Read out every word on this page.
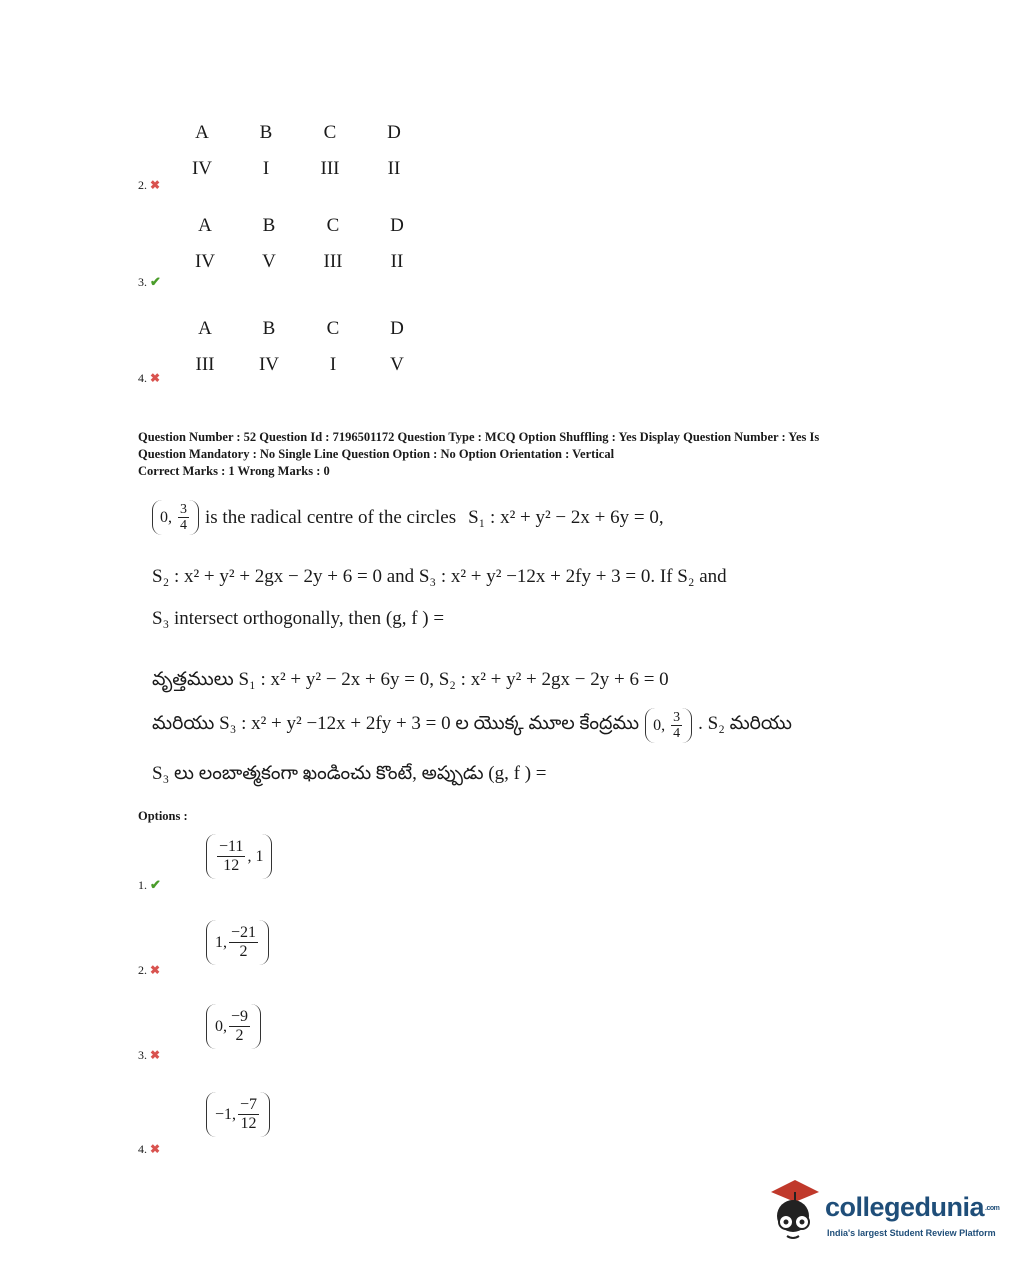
A	B	C	D
IV	I	III	II
2. ✖
A	B	C	D
IV	V	III	II
3. ✔
A	B	C	D
III	IV	I	V
4. ✖
Question Number : 52 Question Id : 7196501172 Question Type : MCQ Option Shuffling : Yes Display Question Number : Yes Is
Question Mandatory : No Single Line Question Option : No Option Orientation : Vertical
Correct Marks : 1 Wrong Marks : 0
0,
$\frac{3}{4}$ is the radical centre of the circles S₁ : x² + y² − 2x + 6y = 0,
S₂ : x² + y² + 2gx − 2y + 6 = 0 and S₃ : x² + y² −12x + 2fy + 3 = 0. If S₂ and
S₃ intersect orthogonally, then (g, f ) =
వృత్తములు S₁ : x² + y² − 2x + 6y = 0, S₂ : x² + y² + 2gx − 2y + 6 = 0
మరియు S₃ : x² + y² −12x + 2fy + 3 = 0 ల యొక్క మూల కేంద్రము 0,
$\frac{3}{4}$ . S₂ మరియు
S₃ లు లంబాత్మకంగా ఖండించు కొంటే, అప్పుడు (g, f ) =
Options :
$\frac{-11}{12}$ , 1
1. ✔
1, $\frac{-21}{2}$
2. ✖
0, $\frac{-9}{2}$
3. ✖
−1, $\frac{-7}{12}$
4. ✖
collegedunia.com
India's largest Student Review Platform
